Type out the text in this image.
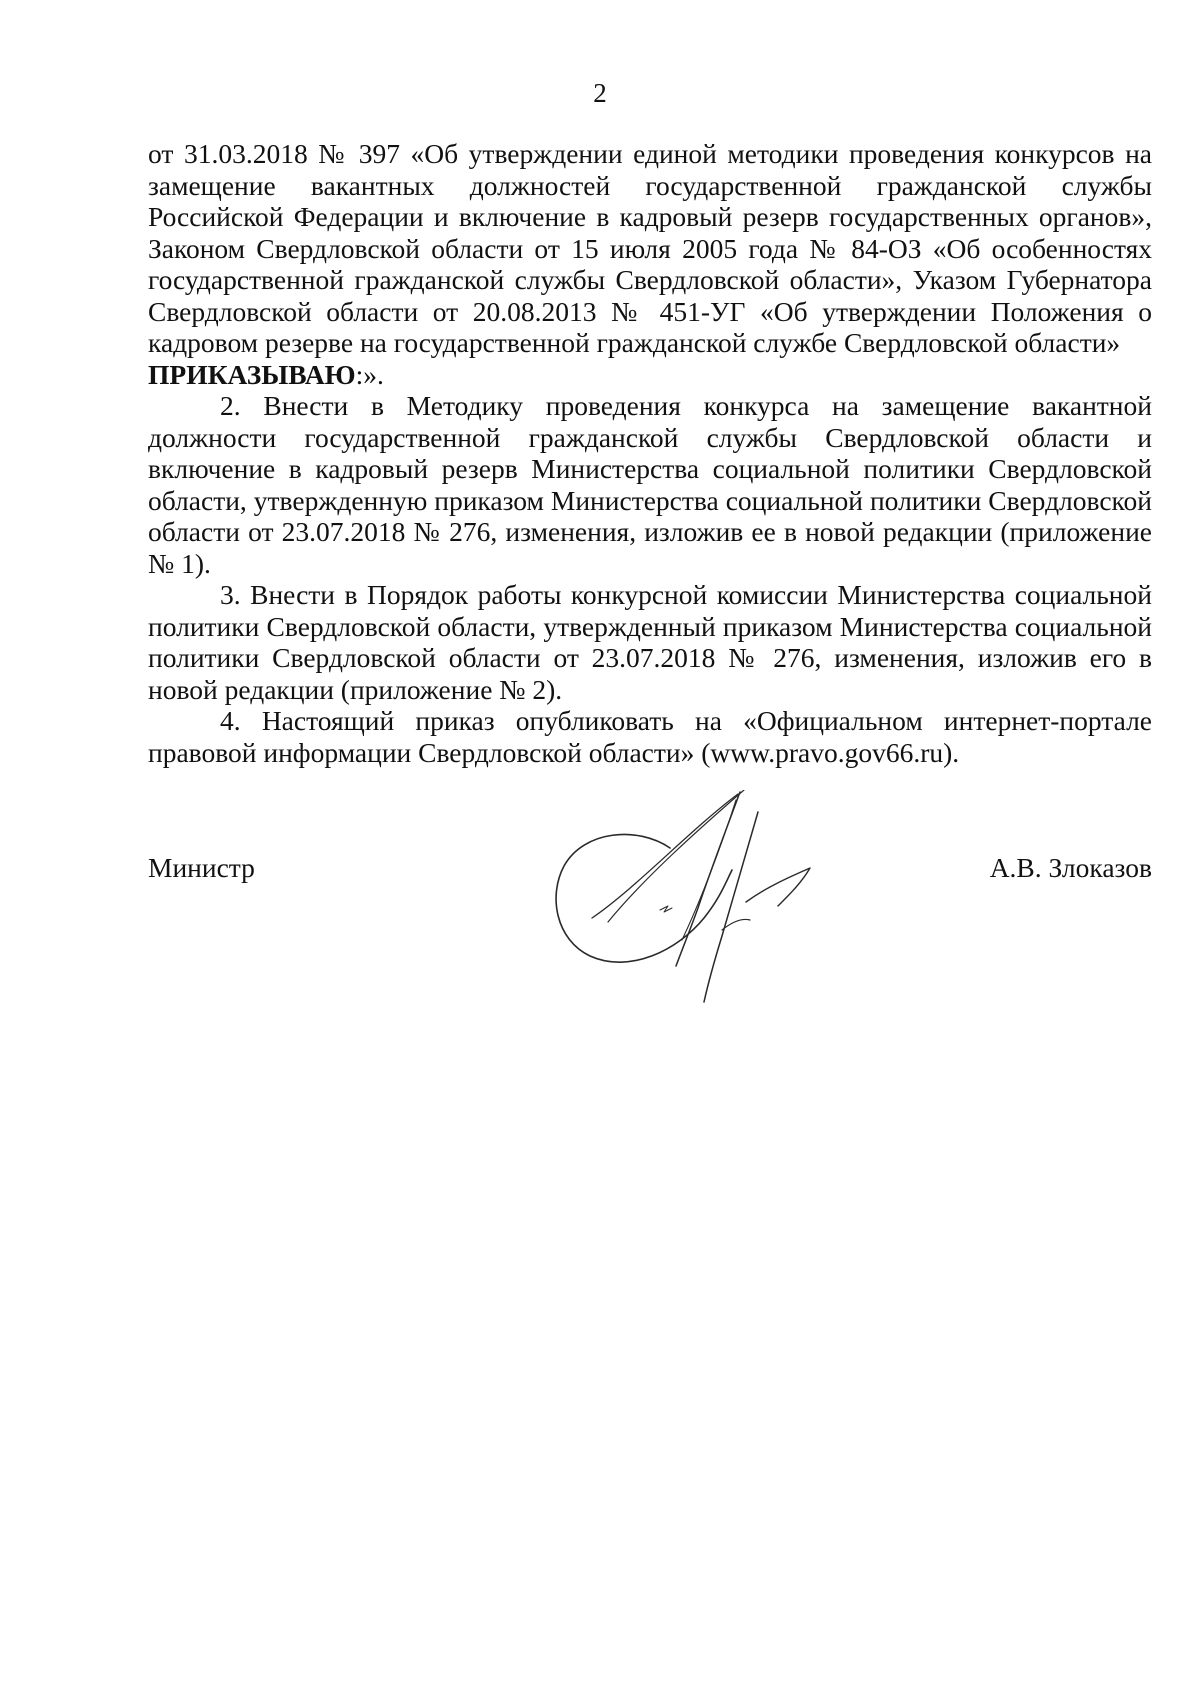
2

от 31.03.2018 № 397 «Об утверждении единой методики проведения конкурсов на замещение вакантных должностей государственной гражданской службы Российской Федерации и включение в кадровый резерв государственных органов», Законом Свердловской области от 15 июля 2005 года № 84-ОЗ «Об особенностях государственной гражданской службы Свердловской области», Указом Губернатора Свердловской области от 20.08.2013 № 451-УГ «Об утверждении Положения о кадровом резерве на государственной гражданской службе Свердловской области»

ПРИКАЗЫВАЮ:».

2. Внести в Методику проведения конкурса на замещение вакантной должности государственной гражданской службы Свердловской области и включение в кадровый резерв Министерства социальной политики Свердловской области, утвержденную приказом Министерства социальной политики Свердловской области от 23.07.2018 № 276, изменения, изложив ее в новой редакции (приложение № 1).

3. Внести в Порядок работы конкурсной комиссии Министерства социальной политики Свердловской области, утвержденный приказом Министерства социальной политики Свердловской области от 23.07.2018 № 276, изменения, изложив его в новой редакции (приложение № 2).

4. Настоящий приказ опубликовать на «Официальном интернет-портале правовой информации Свердловской области» (www.pravo.gov66.ru).

Министр	А.В. Злоказов
